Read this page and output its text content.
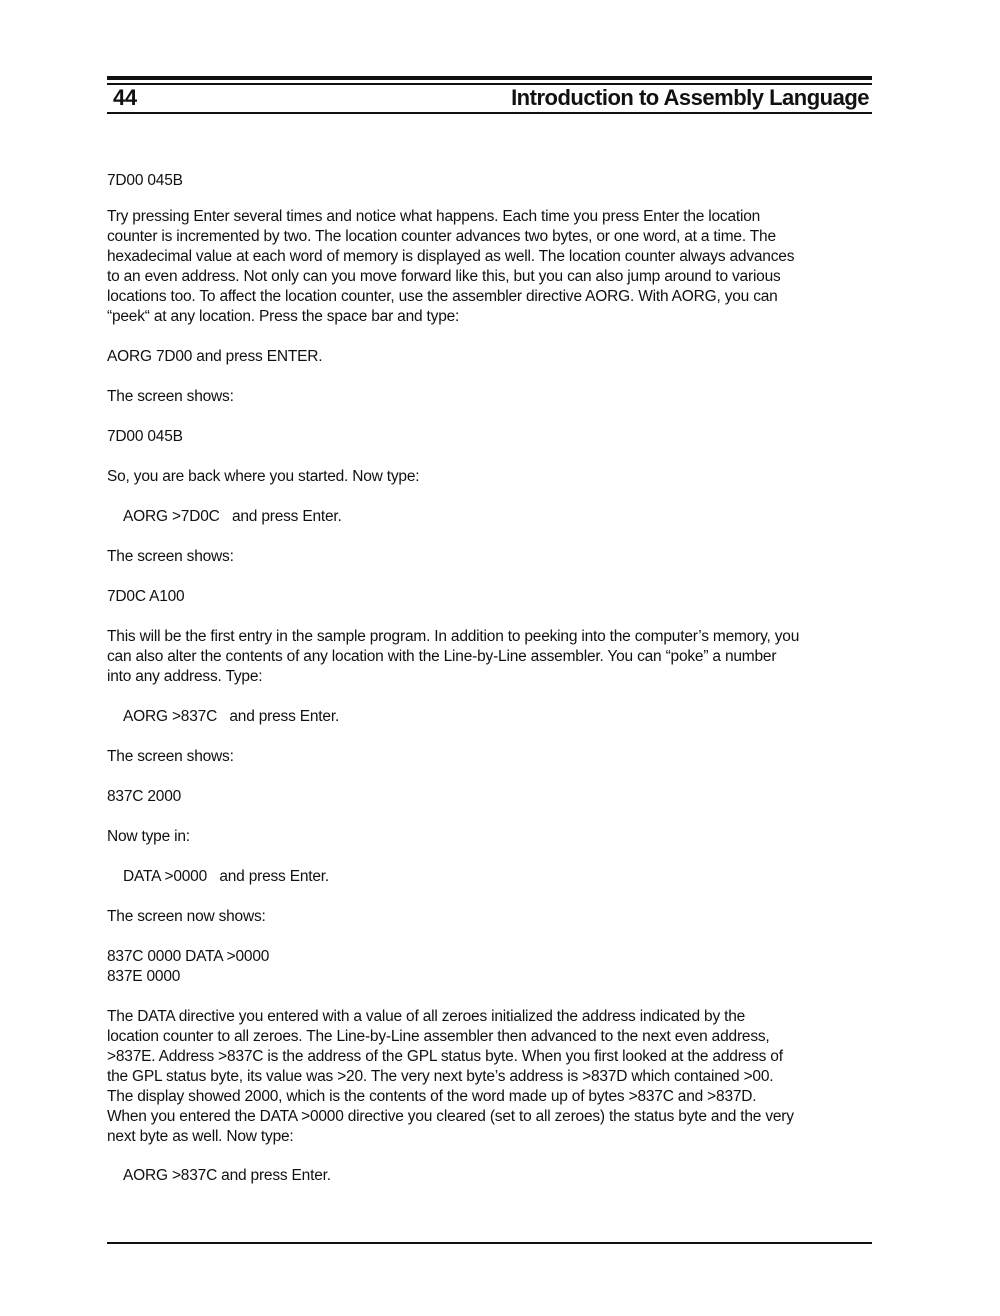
44	Introduction to Assembly Language

7D00 045B

Try pressing Enter several times and notice what happens. Each time you press Enter the location
counter is incremented by two. The location counter advances two bytes, or one word, at a time. The
hexadecimal value at each word of memory is displayed as well. The location counter always advances
to an even address. Not only can you move forward like this, but you can also jump around to various
locations too. To affect the location counter, use the assembler directive AORG. With AORG, you can
“peek“ at any location. Press the space bar and type:

AORG 7D00 and press ENTER.

The screen shows:

7D00 045B

So, you are back where you started. Now type:

AORG >7D0C   and press Enter.

The screen shows:

7D0C A100

This will be the first entry in the sample program. In addition to peeking into the computer’s memory, you
can also alter the contents of any location with the Line-by-Line assembler. You can “poke” a number
into any address. Type:

AORG >837C   and press Enter.

The screen shows:

837C 2000

Now type in:

DATA >0000   and press Enter.

The screen now shows:

837C 0000 DATA >0000

837E 0000

The DATA directive you entered with a value of all zeroes initialized the address indicated by the
location counter to all zeroes. The Line-by-Line assembler then advanced to the next even address,
>837E. Address >837C is the address of the GPL status byte. When you first looked at the address of
the GPL status byte, its value was >20. The very next byte’s address is >837D which contained >00.
The display showed 2000, which is the contents of the word made up of bytes >837C and >837D.
When you entered the DATA >0000 directive you cleared (set to all zeroes) the status byte and the very
next byte as well. Now type:

AORG >837C and press Enter.
